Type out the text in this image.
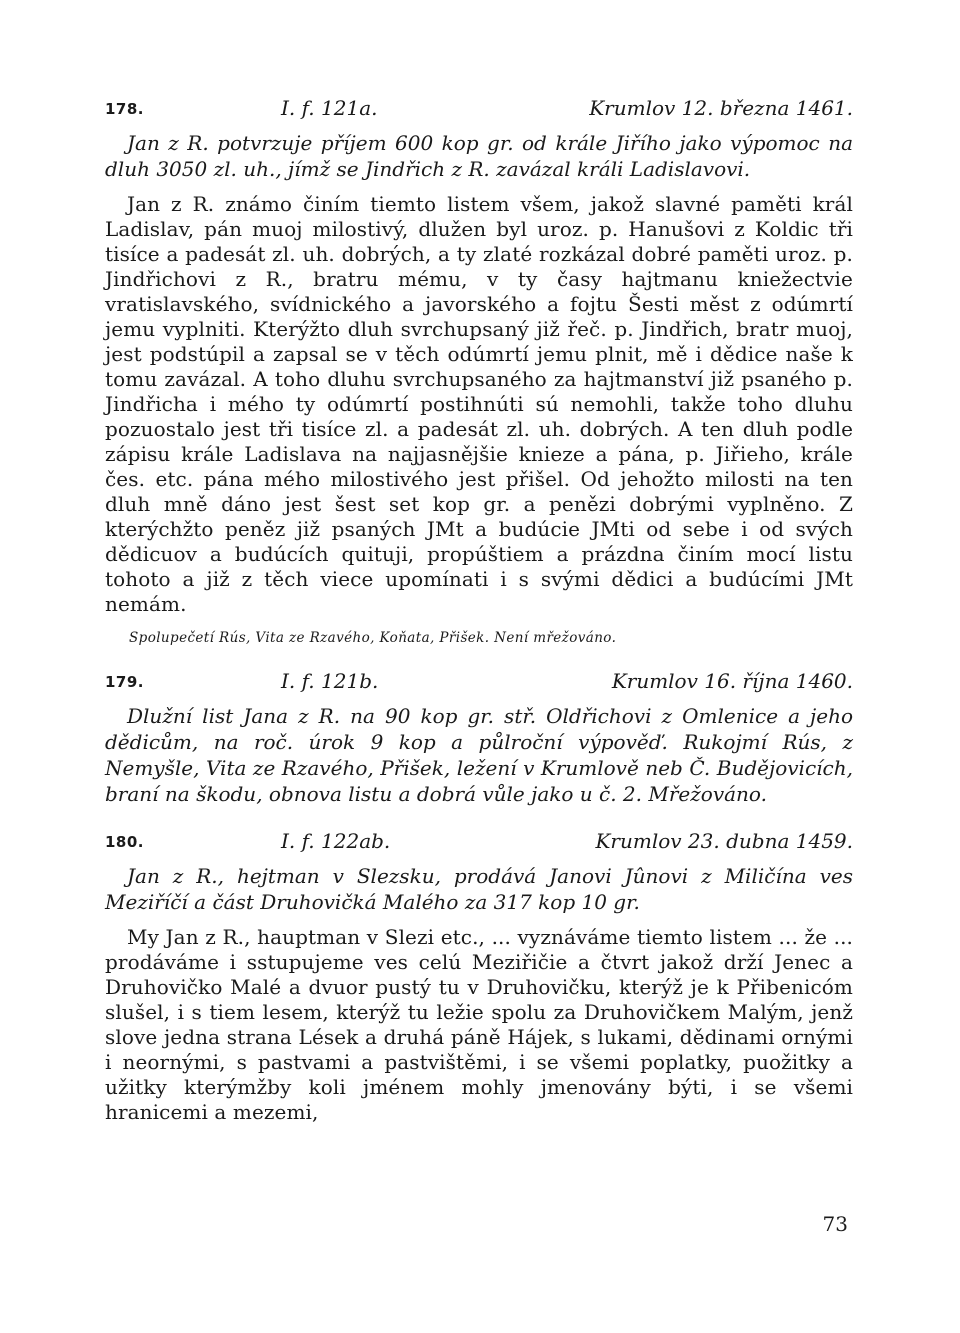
178.	I. f. 121a.	Krumlov 12. března 1461.

Jan z R. potvrzuje příjem 600 kop gr. od krále Jiřího jako výpomoc na dluh 3050 zl. uh., jímž se Jindřich z R. zavázal králi Ladislavovi.

Jan z R. známo činím tiemto listem všem, jakož slavné paměti král Ladislav, pán muoj milostivý, dlužen byl uroz. p. Hanušovi z Koldic tři tisíce a padesát zl. uh. dobrých, a ty zlaté rozkázal dobré paměti uroz. p. Jindřichovi z R., bratru mému, v ty časy hajtmanu kniežectvie vratislavského, svídnického a javorského a fojtu Šesti měst z odúmrtí jemu vyplniti. Kterýžto dluh svrchupsaný již řeč. p. Jindřich, bratr muoj, jest podstúpil a zapsal se v těch odúmrtí jemu plnit, mě i dědice naše k tomu zavázal. A toho dluhu svrchupsaného za hajtmanství již psaného p. Jindřicha i mého ty odúmrtí postihnúti sú nemohli, takže toho dluhu pozuostalo jest tři tisíce zl. a padesát zl. uh. dobrých. A ten dluh podle zápisu krále Ladislava na najjasnějšie knieze a pána, p. Jiřieho, krále čes. etc. pána mého milostivého jest přišel. Od jehožto milosti na ten dluh mně dáno jest šest set kop gr. a penězi dobrými vyplněno. Z kterýchžto peněz již psaných JMt a budúcie JMti od sebe i od svých dědicuov a budúcích quituji, propúštiem a prázdna činím mocí listu tohoto a již z těch viece upomínati i s svými dědici a budúcími JMt nemám.

Spolupečetí Rús, Vita ze Rzavého, Koňata, Přišek. Není mřežováno.

179.	I. f. 121b.	Krumlov 16. října 1460.

Dlužní list Jana z R. na 90 kop gr. stř. Oldřichovi z Omlenice a jeho dědicům, na roč. úrok 9 kop a půlroční výpověď. Rukojmí Rús, z Nemyšle, Vita ze Rzavého, Přišek, ležení v Krumlově neb Č. Budějovicích, braní na škodu, obnova listu a dobrá vůle jako u č. 2. Mřežováno.

180.	I. f. 122ab.	Krumlov 23. dubna 1459.

Jan z R., hejtman v Slezsku, prodává Janovi Jûnovi z Miličína ves Meziříčí a část Druhovičká Malého za 317 kop 10 gr.

My Jan z R., hauptman v Slezi etc., ... vyznáváme tiemto listem ... že ... prodáváme i sstupujeme ves celú Meziřičie a čtvrt jakož drží Jenec a Druhovičko Malé a dvuor pustý tu v Druhovičku, kterýž je k Přibenicóm slušel, i s tiem lesem, kterýž tu ležie spolu za Druhovičkem Malým, jenž slove jedna strana Lések a druhá páně Hájek, s lukami, dědinami ornými i neornými, s pastvami a pastvištěmi, i se všemi poplatky, puožitky a užitky kterýmžby koli jménem mohly jmenovány býti, i se všemi hranicemi a mezemi,

73
